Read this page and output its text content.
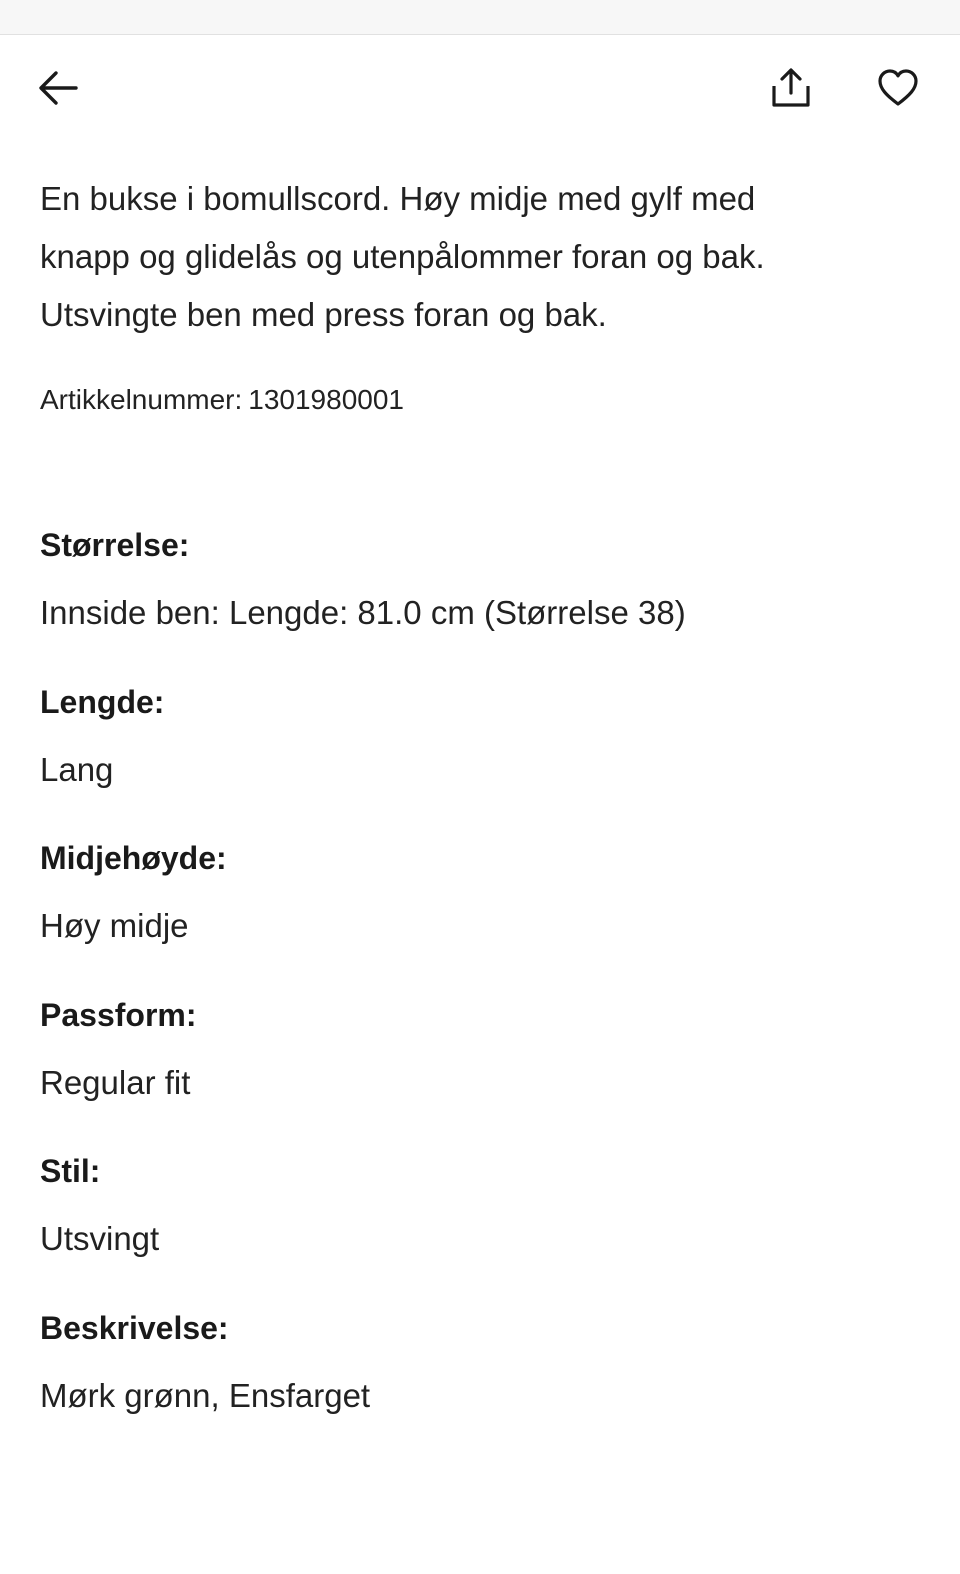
En bukse i bomullscord. Høy midje med gylf med
knapp og glidelås og utenpålommer foran og bak.
Utsvingte ben med press foran og bak.

Artikkelnummer: 1301980001

Størrelse:

Innside ben: Lengde: 81.0 cm (Størrelse 38)

Lengde:

Lang

Midjehøyde:

Høy midje

Passform:

Regular fit

Stil:

Utsvingt

Beskrivelse:

Mørk grønn, Ensfarget
